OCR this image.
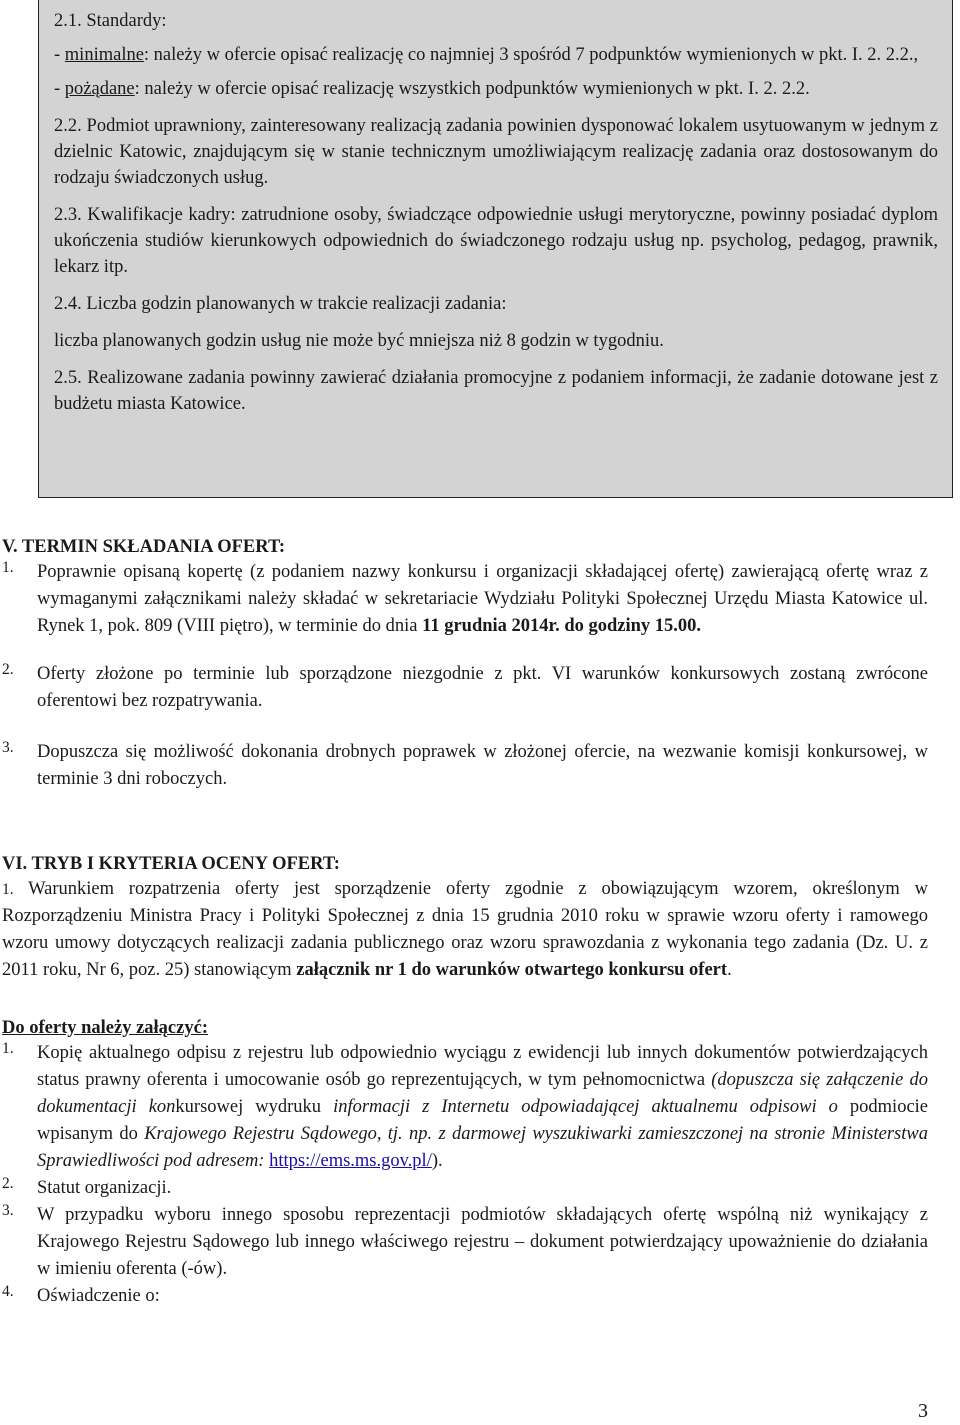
2.1. Standardy:

- minimalne: należy w ofercie opisać realizację co najmniej 3 spośród 7 podpunktów wymienionych w pkt. I. 2. 2.2.,

- pożądane: należy w ofercie opisać realizację wszystkich podpunktów wymienionych w pkt. I. 2. 2.2.

2.2. Podmiot uprawniony, zainteresowany realizacją zadania powinien dysponować lokalem usytuowanym w jednym z dzielnic Katowic, znajdującym się w stanie technicznym umożliwiającym realizację zadania oraz dostosowanym do rodzaju świadczonych usług.

2.3. Kwalifikacje kadry: zatrudnione osoby, świadczące odpowiednie usługi merytoryczne, powinny posiadać dyplom ukończenia studiów kierunkowych odpowiednich do świadczonego rodzaju usług np. psycholog, pedagog, prawnik, lekarz itp.

2.4. Liczba godzin planowanych w trakcie realizacji zadania:

liczba planowanych godzin usług nie może być mniejsza niż 8 godzin w tygodniu.

2.5. Realizowane zadania powinny zawierać działania promocyjne z podaniem informacji, że zadanie dotowane jest z budżetu miasta Katowice.

V. TERMIN SKŁADANIA OFERT:

1.	Poprawnie opisaną kopertę (z podaniem nazwy konkursu i organizacji składającej ofertę) zawierającą ofertę wraz z wymaganymi załącznikami należy składać w sekretariacie Wydziału Polityki Społecznej Urzędu Miasta Katowice ul. Rynek 1, pok. 809 (VIII piętro), w terminie do dnia 11 grudnia 2014r. do godziny 15.00.
2.	Oferty złożone po terminie lub sporządzone niezgodnie z pkt. VI warunków konkursowych zostaną zwrócone oferentowi bez rozpatrywania.
3.	Dopuszcza się możliwość dokonania drobnych poprawek w złożonej ofercie, na wezwanie komisji konkursowej, w terminie 3 dni roboczych.

VI. TRYB I KRYTERIA OCENY OFERT:

1. Warunkiem rozpatrzenia oferty jest sporządzenie oferty zgodnie z obowiązującym wzorem, określonym w Rozporządzeniu Ministra Pracy i Polityki Społecznej z dnia 15 grudnia 2010 roku w sprawie wzoru oferty i ramowego wzoru umowy dotyczących realizacji zadania publicznego oraz wzoru sprawozdania z wykonania tego zadania (Dz. U. z 2011 roku, Nr 6, poz. 25) stanowiącym załącznik nr 1 do warunków otwartego konkursu ofert.

Do oferty należy załączyć:

1.	Kopię aktualnego odpisu z rejestru lub odpowiednio wyciągu z ewidencji lub innych dokumentów potwierdzających status prawny oferenta i umocowanie osób go reprezentujących, w tym pełnomocnictwa (dopuszcza się załączenie do dokumentacji konkursowej wydruku informacji z Internetu odpowiadającej aktualnemu odpisowi o podmiocie wpisanym do Krajowego Rejestru Sądowego, tj. np. z darmowej wyszukiwarki zamieszczonej na stronie Ministerstwa Sprawiedliwości pod adresem: https://ems.ms.gov.pl/).
2.	Statut organizacji.
3.	W przypadku wyboru innego sposobu reprezentacji podmiotów składających ofertę wspólną niż wynikający z Krajowego Rejestru Sądowego lub innego właściwego rejestru – dokument potwierdzający upoważnienie do działania w imieniu oferenta (-ów).
4.	Oświadczenie o:
3
